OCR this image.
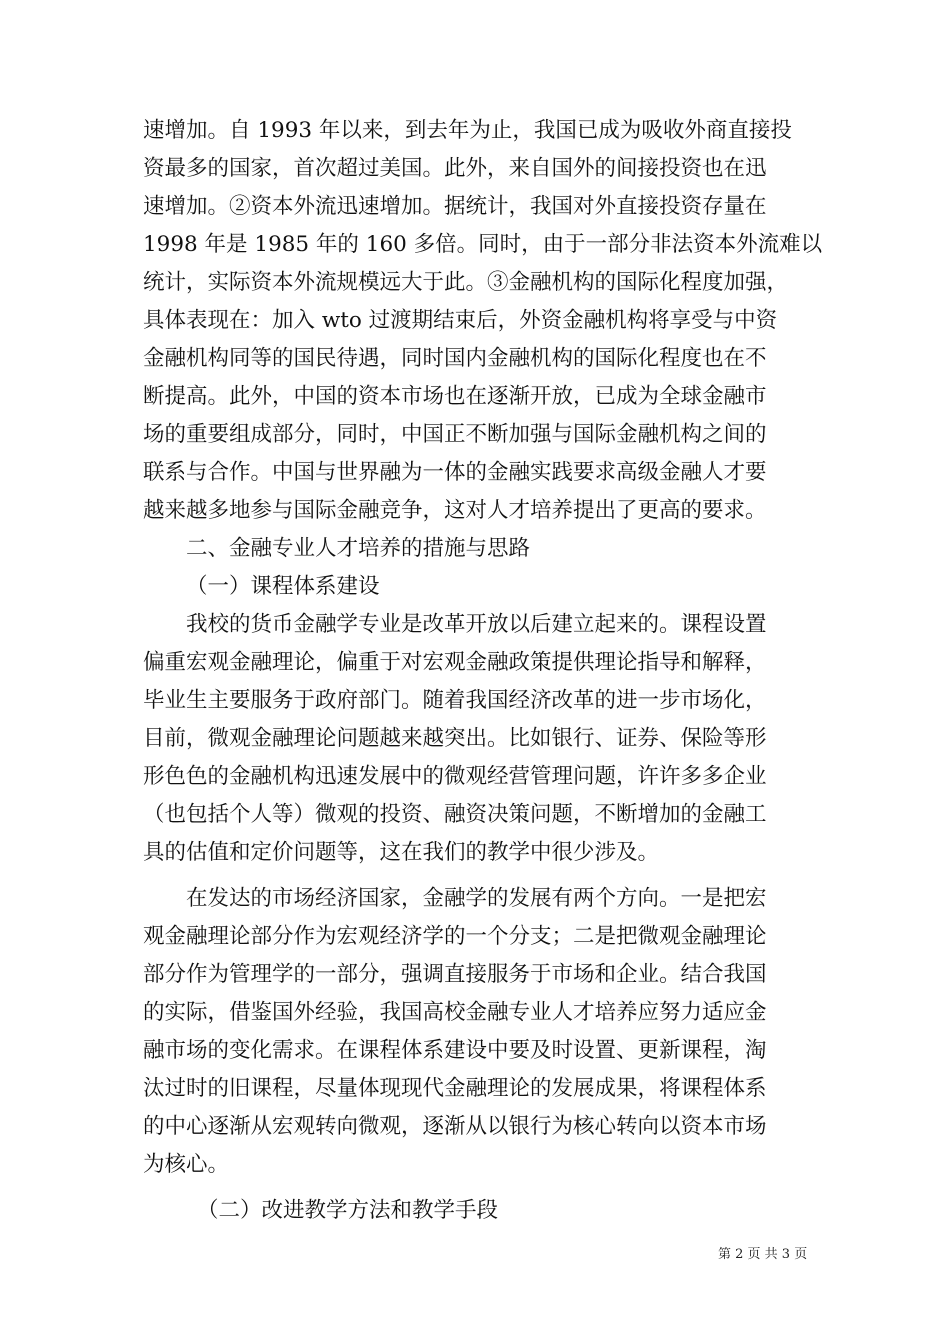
速增加。自 1993 年以来，到去年为止，我国已成为吸收外商直接投
资最多的国家，首次超过美国。此外，来自国外的间接投资也在迅
速增加。②资本外流迅速增加。据统计，我国对外直接投资存量在
1998 年是 1985 年的 160 多倍。同时，由于一部分非法资本外流难以
统计，实际资本外流规模远大于此。③金融机构的国际化程度加强，
具体表现在：加入 wto 过渡期结束后，外资金融机构将享受与中资
金融机构同等的国民待遇，同时国内金融机构的国际化程度也在不
断提高。此外，中国的资本市场也在逐渐开放，已成为全球金融市
场的重要组成部分，同时，中国正不断加强与国际金融机构之间的
联系与合作。中国与世界融为一体的金融实践要求高级金融人才要
越来越多地参与国际金融竞争，这对人才培养提出了更高的要求。
二、金融专业人才培养的措施与思路
（一）课程体系建设
我校的货币金融学专业是改革开放以后建立起来的。课程设置
偏重宏观金融理论，偏重于对宏观金融政策提供理论指导和解释，
毕业生主要服务于政府部门。随着我国经济改革的进一步市场化，
目前，微观金融理论问题越来越突出。比如银行、证券、保险等形
形色色的金融机构迅速发展中的微观经营管理问题，许许多多企业
（也包括个人等）微观的投资、融资决策问题，不断增加的金融工
具的估值和定价问题等，这在我们的教学中很少涉及。
在发达的市场经济国家，金融学的发展有两个方向。一是把宏
观金融理论部分作为宏观经济学的一个分支；二是把微观金融理论
部分作为管理学的一部分，强调直接服务于市场和企业。结合我国
的实际，借鉴国外经验，我国高校金融专业人才培养应努力适应金
融市场的变化需求。在课程体系建设中要及时设置、更新课程，淘
汰过时的旧课程，尽量体现现代金融理论的发展成果，将课程体系
的中心逐渐从宏观转向微观，逐渐从以银行为核心转向以资本市场
为核心。
（二）改进教学方法和教学手段
第 2 页 共 3 页
